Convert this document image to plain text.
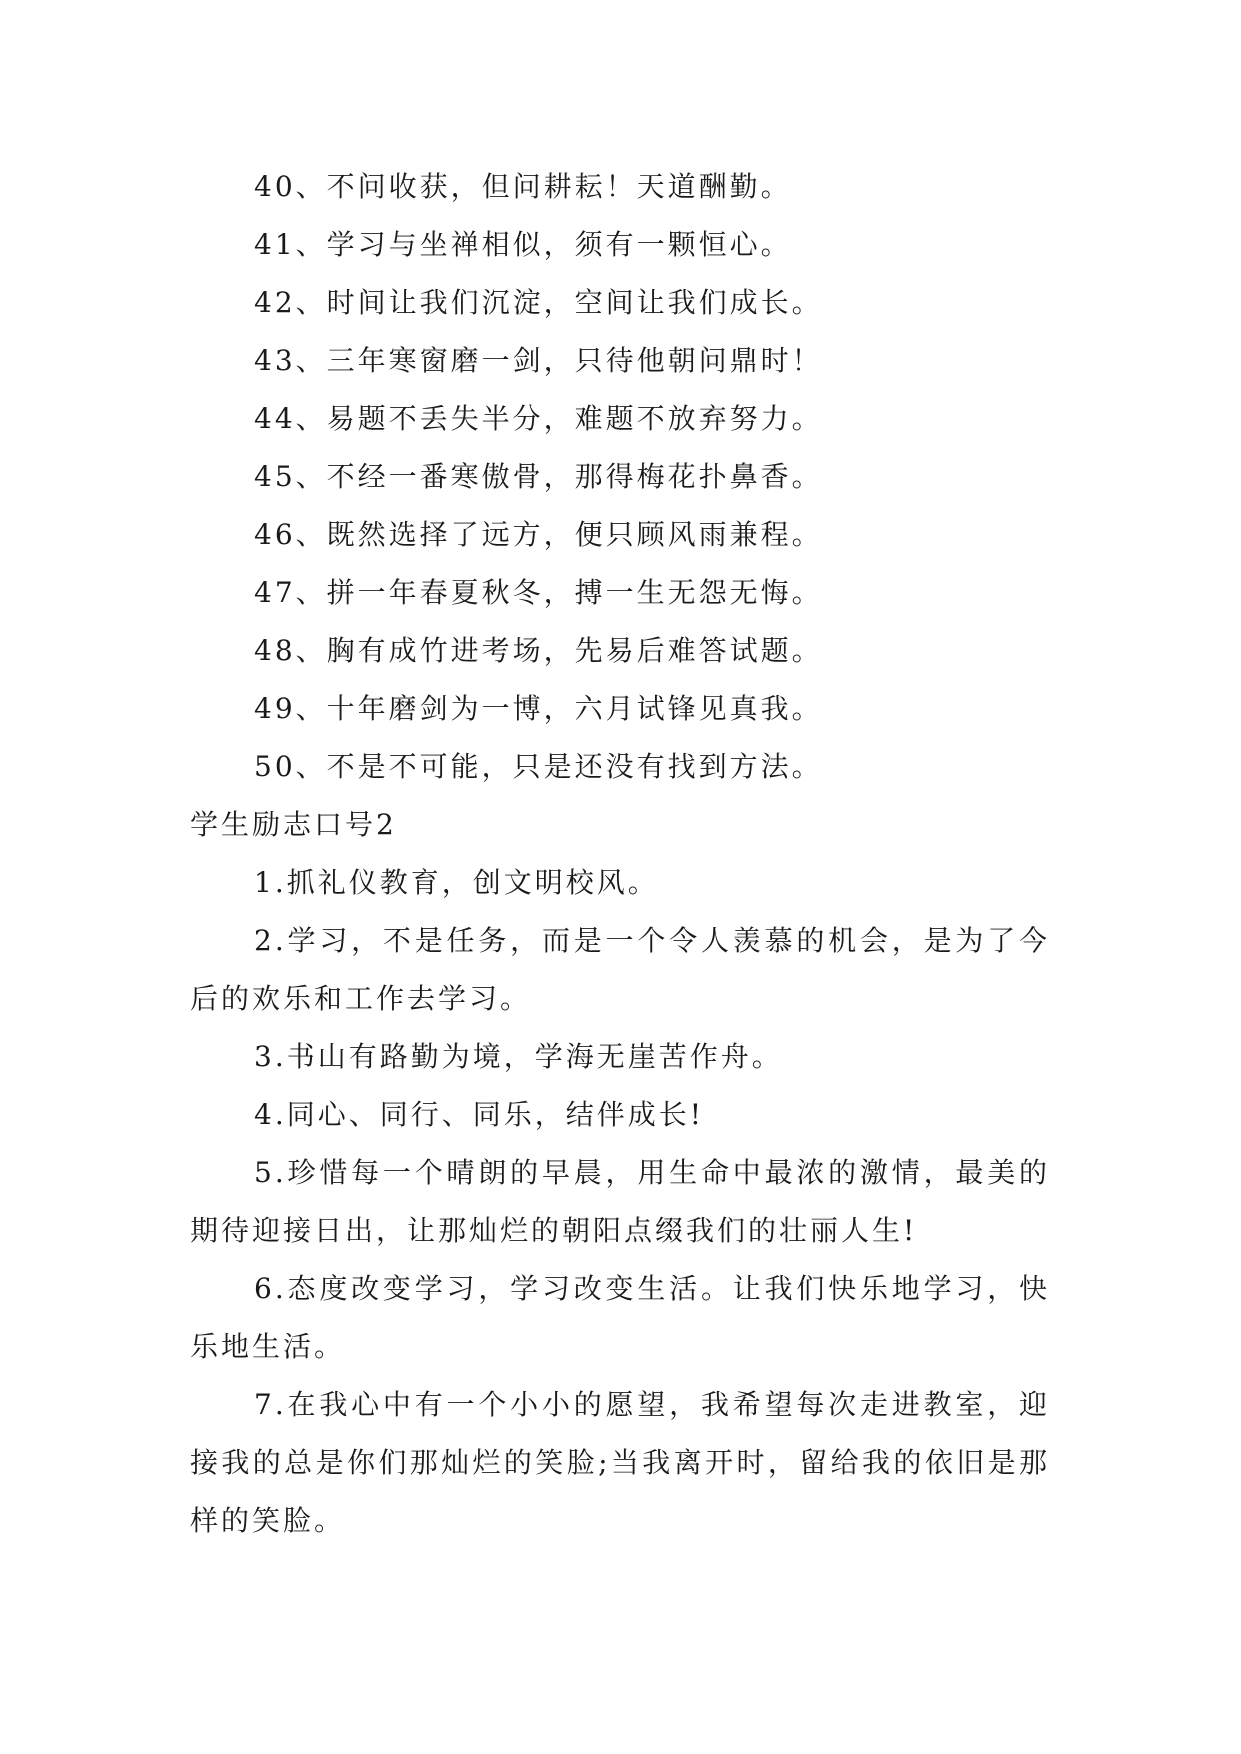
40、不问收获，但问耕耘！天道酬勤。
41、学习与坐禅相似，须有一颗恒心。
42、时间让我们沉淀，空间让我们成长。
43、三年寒窗磨一剑，只待他朝问鼎时！
44、易题不丢失半分，难题不放弃努力。
45、不经一番寒傲骨，那得梅花扑鼻香。
46、既然选择了远方，便只顾风雨兼程。
47、拼一年春夏秋冬，搏一生无怨无悔。
48、胸有成竹进考场，先易后难答试题。
49、十年磨剑为一博，六月试锋见真我。
50、不是不可能，只是还没有找到方法。
学生励志口号2
1.抓礼仪教育，创文明校风。
2.学习，不是任务，而是一个令人羡慕的机会，是为了今后的欢乐和工作去学习。
3.书山有路勤为境，学海无崖苦作舟。
4.同心、同行、同乐，结伴成长!
5.珍惜每一个晴朗的早晨，用生命中最浓的激情，最美的期待迎接日出，让那灿烂的朝阳点缀我们的壮丽人生!
6.态度改变学习，学习改变生活。让我们快乐地学习，快乐地生活。
7.在我心中有一个小小的愿望，我希望每次走进教室，迎接我的总是你们那灿烂的笑脸;当我离开时，留给我的依旧是那样的笑脸。
